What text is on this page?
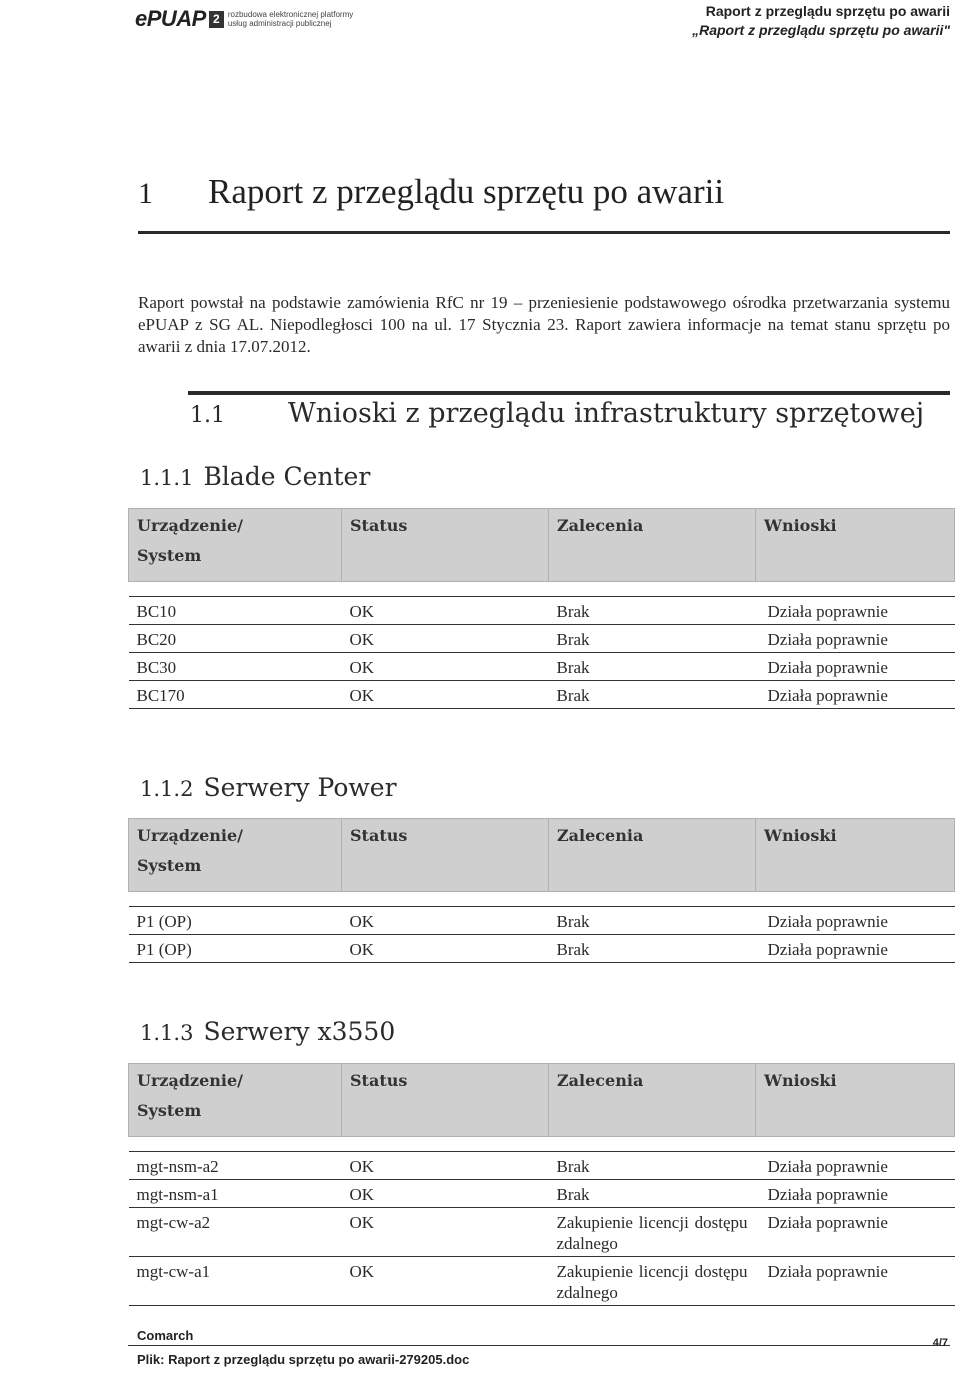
ePUAP 2	rozbudowa elektronicznej platformy
usług administracji publicznej
Raport z przeglądu sprzętu po awarii
„Raport z przeglądu sprzętu po awarii"
1 Raport z przeglądu sprzętu po awarii
Raport powstał na podstawie zamówienia RfC nr 19 – przeniesienie podstawowego ośrodka przetwarzania systemu ePUAP z SG AL. Niepodległosci 100 na ul. 17 Stycznia 23. Raport zawiera informacje na temat stanu sprzętu po awarii z dnia 17.07.2012.
1.1 Wnioski z przeglądu infrastruktury sprzętowej
1.1.1 Blade Center
Urządzenie/
System	Status	Zalecenia	Wnioski

BC10	OK	Brak	Działa poprawnie
BC20	OK	Brak	Działa poprawnie
BC30	OK	Brak	Działa poprawnie
BC170	OK	Brak	Działa poprawnie
1.1.2 Serwery Power
Urządzenie/
System	Status	Zalecenia	Wnioski

P1 (OP)	OK	Brak	Działa poprawnie
P1 (OP)	OK	Brak	Działa poprawnie
1.1.3 Serwery x3550
Urządzenie/
System	Status	Zalecenia	Wnioski

mgt-nsm-a2	OK	Brak	Działa poprawnie
mgt-nsm-a1	OK	Brak	Działa poprawnie
mgt-cw-a2	OK	Zakupienie licencji dostępu zdalnego	Działa poprawnie
mgt-cw-a1	OK	Zakupienie licencji dostępu zdalnego	Działa poprawnie
Comarch	4/7
Plik: Raport z przeglądu sprzętu po awarii-279205.doc
